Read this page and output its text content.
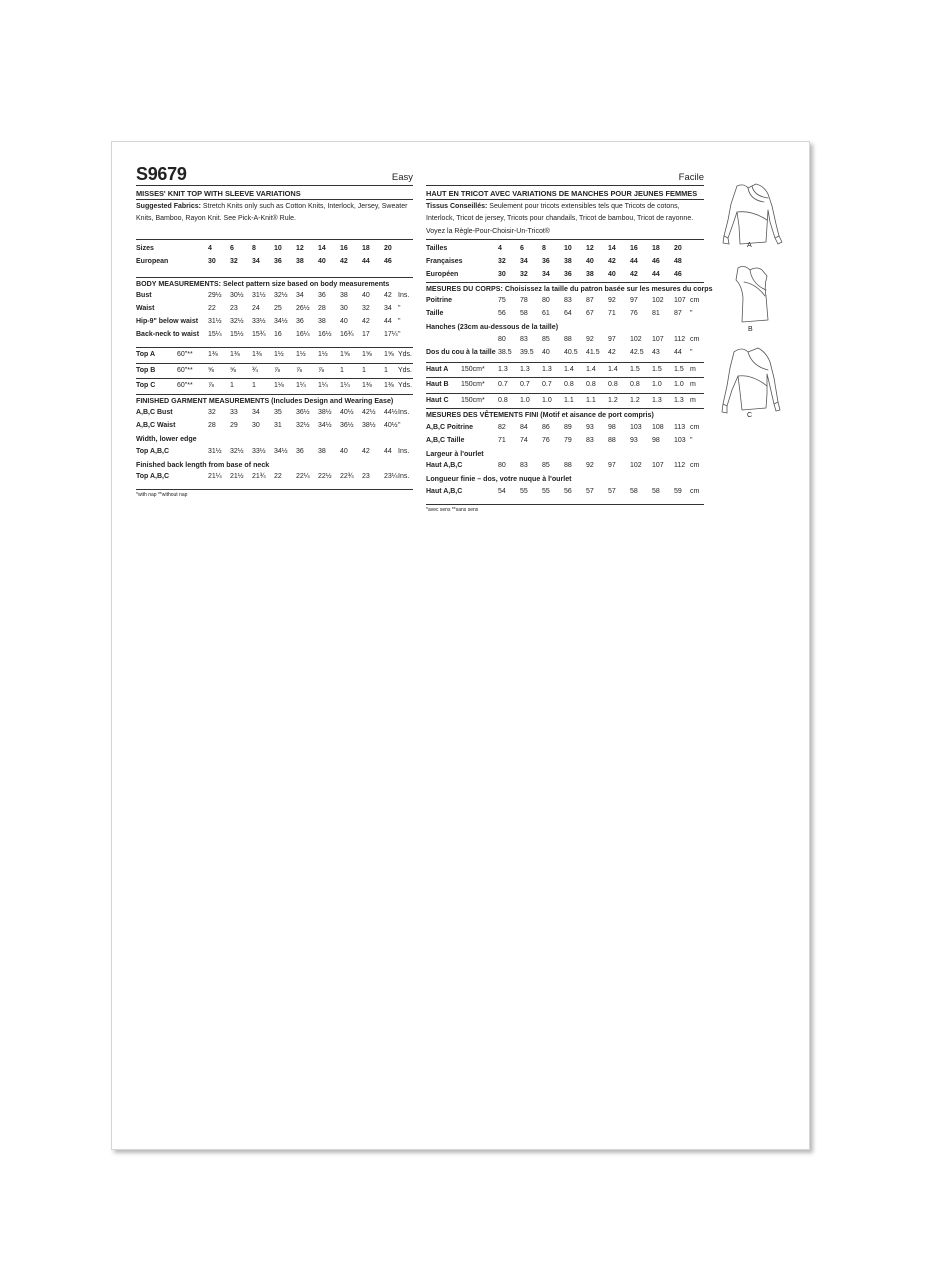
S9679	Easy
MISSES' KNIT TOP WITH SLEEVE VARIATIONS
Suggested Fabrics: Stretch Knits only such as Cotton Knits, Interlock, Jersey, Sweater Knits, Bamboo, Rayon Knit. See Pick-A-Knit® Rule.
Sizes	4	6	8	10 12 14 16 18 20
European	30 32 34 36 38 40 42 44 46
BODY MEASUREMENTS: Select pattern size based on body measurements
Bust	29½ 30½ 31½ 32½ 34 36 38 40 42 Ins.
Waist	22 23 24 25 26½ 28 30 32 34 "
Hip-9" below waist 31½ 32½ 33½ 34½ 36 38 40 42 44 "
Back-neck to waist 15¼ 15½ 15¾ 16 16¼ 16½ 16¾ 17 17¼ "
Top A	60"** 1⅜ 1⅜ 1⅜ 1½ 1½ 1½ 1⅝ 1⅝ 1⅝ Yds.
Top B	60"** ⅝ ⅝ ¾ ⅞ ⅞ ⅞ 1	1	1 Yds.
Top C	60"** ⅞ 1	1	1⅛ 1¼ 1¼ 1¼ 1⅜ 1⅜ Yds.
FINISHED GARMENT MEASUREMENTS (Includes Design and Wearing Ease)
A,B,C Bust	32 33 34 35 36½ 38½ 40½ 42½ 44½ Ins.
A,B,C Waist	28 29 30 31 32½ 34½ 36½ 38½ 40½ "
Width, lower edge
Top A,B,C	31½ 32½ 33½ 34½ 36 38 40 42 44 Ins.
Finished back length from base of neck
Top A,B,C	21¼ 21½ 21¾ 22 22¼ 22½ 22¾ 23 23¼ Ins.
*with nap **without nap
Facile
HAUT EN TRICOT AVEC VARIATIONS DE MANCHES POUR JEUNES FEMMES
Tissus Conseillés: Seulement pour tricots extensibles tels que Tricots de cotons, Interlock, Tricot de jersey, Tricots pour chandails, Tricot de bambou, Tricot de rayonne. Voyez la Règle-Pour-Choisir-Un-Tricot®
Tailles	4	6	8	10 12 14 16 18 20
Françaises	32 34 36 38 40 42 44 46 48
Européen	30 32 34 36 38 40 42 44 46
MESURES DU CORPS: Choisissez la taille du patron basée sur les mesures du corps
Poitrine	75 78 80 83 87 92 97 102 107 cm
Taille	56 58 61 64 67 71 76 81 87 "
Hanches (23cm au-dessous de la taille)
80 83 85 88 92 97 102 107 112 cm
Dos du cou à la taille 38.5 39.5 40 40.5 41.5 42 42.5 43 44 "
Haut A 150cm* 1.3 1.3 1.3 1.4 1.4 1.4 1.5 1.5 1.5 m
Haut B 150cm* 0.7 0.7 0.7 0.8 0.8 0.8 0.8 1.0 1.0 m
Haut C 150cm* 0.8 1.0 1.0 1.1 1.1 1.2 1.2 1.3 1.3 m
MESURES DES VÊTEMENTS FINI (Motif et aisance de port compris)
A,B,C Poitrine	82 84 86 89 93 98 103 108 113 cm
A,B,C Taille	71 74 76 79 83 88 93 98 103 "
Largeur à l'ourlet
Haut A,B,C	80 83 85 88 92 97 102 107 112 cm
Longueur finie – dos, votre nuque à l'ourlet
Haut A,B,C	54 55 55 56 57 57 58 58 59 cm
*avec sens **sans sens
A
B
C
